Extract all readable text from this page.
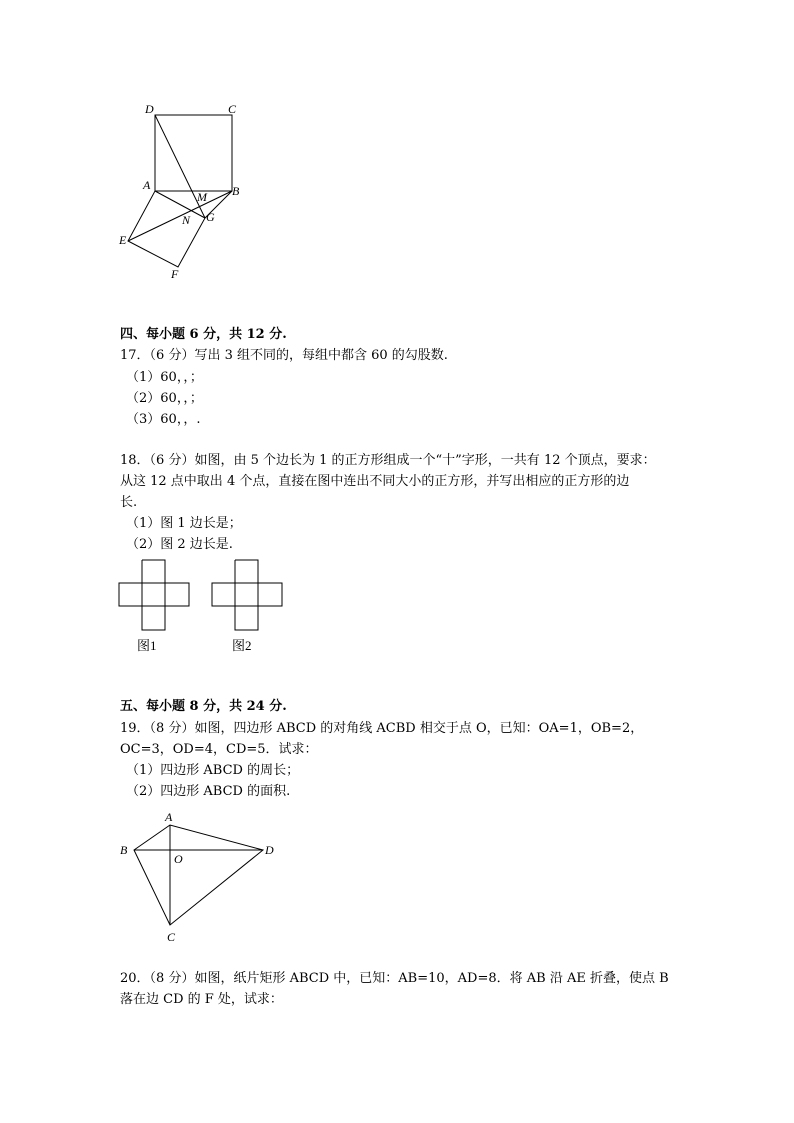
D	C
A
M B
N G
E
F
四、每小题 6 分，共 12 分.
17．（6 分）写出 3 组不同的，每组中都含 60 的勾股数.
（1）60，，；
（2）60，，；
（3）60，，.
18．（6 分）如图，由 5 个边长为 1 的正方形组成一个“十”字形，一共有 12 个顶点，要求：
从这 12 点中取出 4 个点，直接在图中连出不同大小的正方形，并写出相应的正方形的边
长.
（1）图 1 边长是；
（2）图 2 边长是.
图1	图2
五、每小题 8 分，共 24 分.
19．（8 分）如图，四边形 ABCD 的对角线 ACBD 相交于点 O，已知：OA=1，OB=2，
OC=3，OD=4，CD=5．试求：
（1）四边形 ABCD 的周长；
（2）四边形 ABCD 的面积.
A
B
O
D
C
20．（8 分）如图，纸片矩形 ABCD 中，已知：AB=10，AD=8．将 AB 沿 AE 折叠，使点 B
落在边 CD 的 F 处，试求：
